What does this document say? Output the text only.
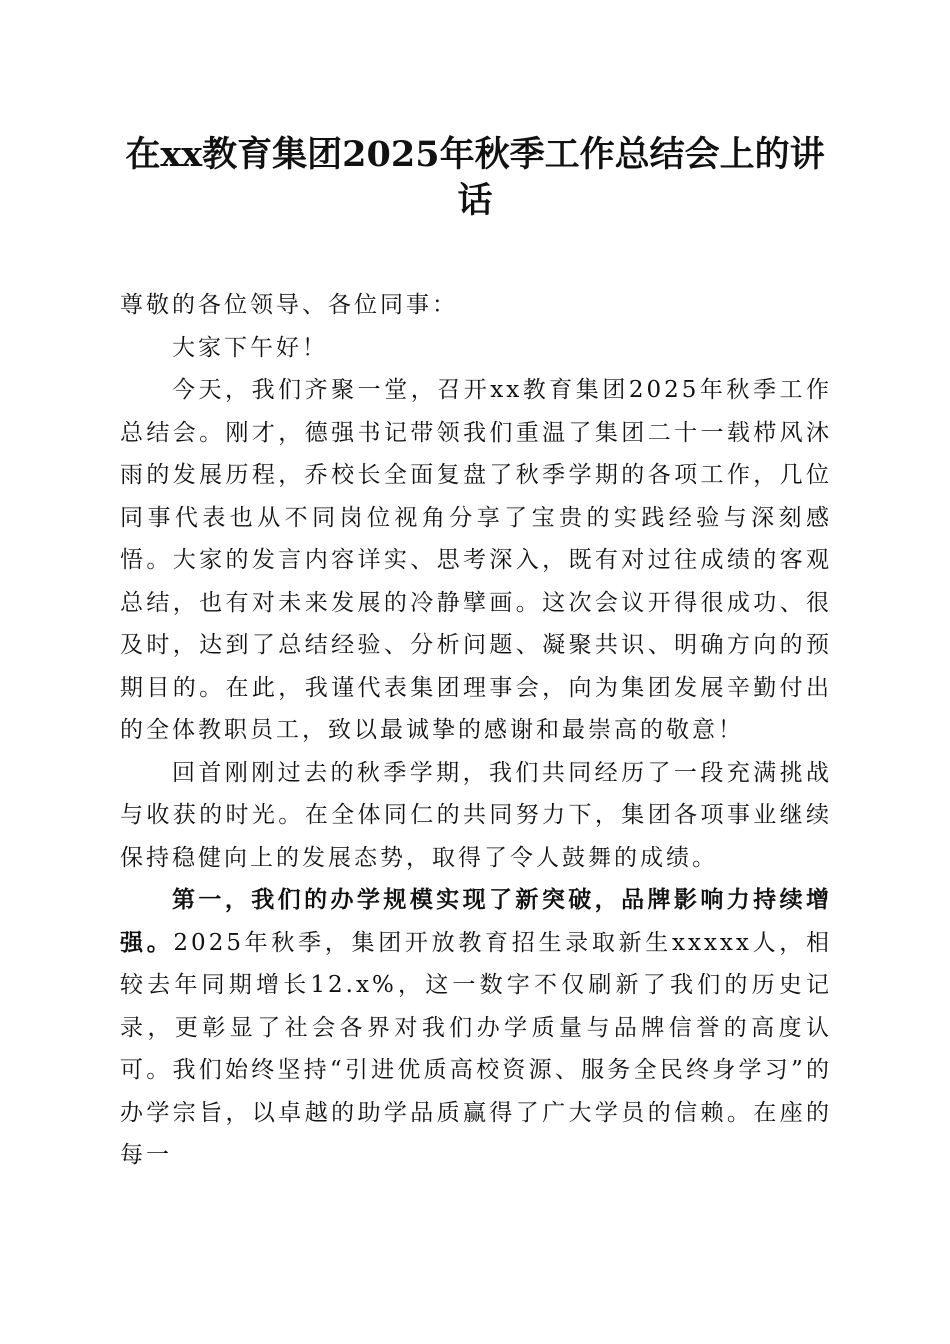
在xx教育集团2025年秋季工作总结会上的讲话

尊敬的各位领导、各位同事：

大家下午好！

今天，我们齐聚一堂，召开xx教育集团2025年秋季工作总结会。刚才，德强书记带领我们重温了集团二十一载栉风沐雨的发展历程，乔校长全面复盘了秋季学期的各项工作，几位同事代表也从不同岗位视角分享了宝贵的实践经验与深刻感悟。大家的发言内容详实、思考深入，既有对过往成绩的客观总结，也有对未来发展的冷静擘画。这次会议开得很成功、很及时，达到了总结经验、分析问题、凝聚共识、明确方向的预期目的。在此，我谨代表集团理事会，向为集团发展辛勤付出的全体教职员工，致以最诚挚的感谢和最崇高的敬意！

回首刚刚过去的秋季学期，我们共同经历了一段充满挑战与收获的时光。在全体同仁的共同努力下，集团各项事业继续保持稳健向上的发展态势，取得了令人鼓舞的成绩。

第一，我们的办学规模实现了新突破，品牌影响力持续增强。2025年秋季，集团开放教育招生录取新生xxxxx人，相较去年同期增长12.x%，这一数字不仅刷新了我们的历史记录，更彰显了社会各界对我们办学质量与品牌信誉的高度认可。我们始终坚持“引进优质高校资源、服务全民终身学习”的办学宗旨，以卓越的助学品质赢得了广大学员的信赖。在座的每一
